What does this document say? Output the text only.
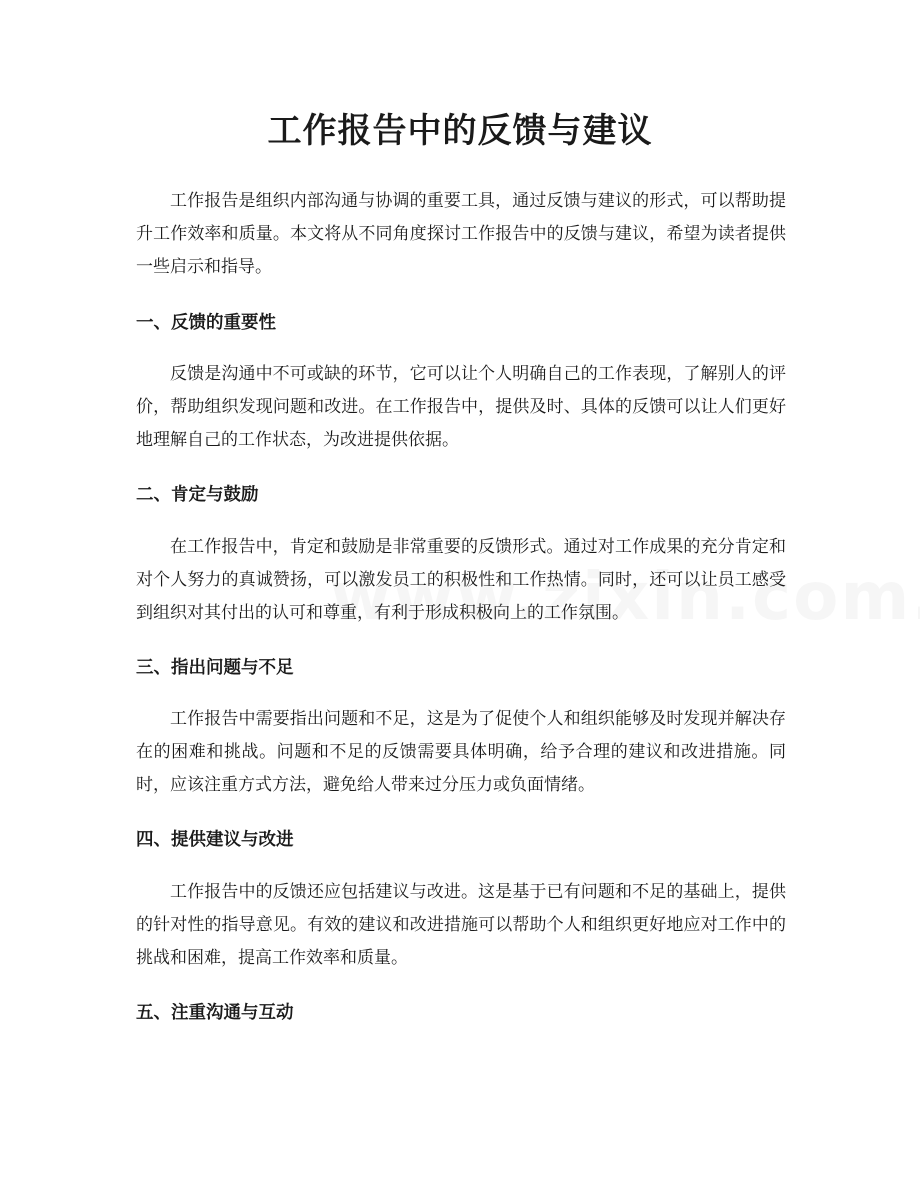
工作报告中的反馈与建议

工作报告是组织内部沟通与协调的重要工具，通过反馈与建议的形式，可以帮助提升工作效率和质量。本文将从不同角度探讨工作报告中的反馈与建议，希望为读者提供一些启示和指导。

一、反馈的重要性

反馈是沟通中不可或缺的环节，它可以让个人明确自己的工作表现，了解别人的评价，帮助组织发现问题和改进。在工作报告中，提供及时、具体的反馈可以让人们更好地理解自己的工作状态，为改进提供依据。

二、肯定与鼓励

在工作报告中，肯定和鼓励是非常重要的反馈形式。通过对工作成果的充分肯定和对个人努力的真诚赞扬，可以激发员工的积极性和工作热情。同时，还可以让员工感受到组织对其付出的认可和尊重，有利于形成积极向上的工作氛围。

三、指出问题与不足

工作报告中需要指出问题和不足，这是为了促使个人和组织能够及时发现并解决存在的困难和挑战。问题和不足的反馈需要具体明确，给予合理的建议和改进措施。同时，应该注重方式方法，避免给人带来过分压力或负面情绪。

四、提供建议与改进

工作报告中的反馈还应包括建议与改进。这是基于已有问题和不足的基础上，提供的针对性的指导意见。有效的建议和改进措施可以帮助个人和组织更好地应对工作中的挑战和困难，提高工作效率和质量。

五、注重沟通与互动
